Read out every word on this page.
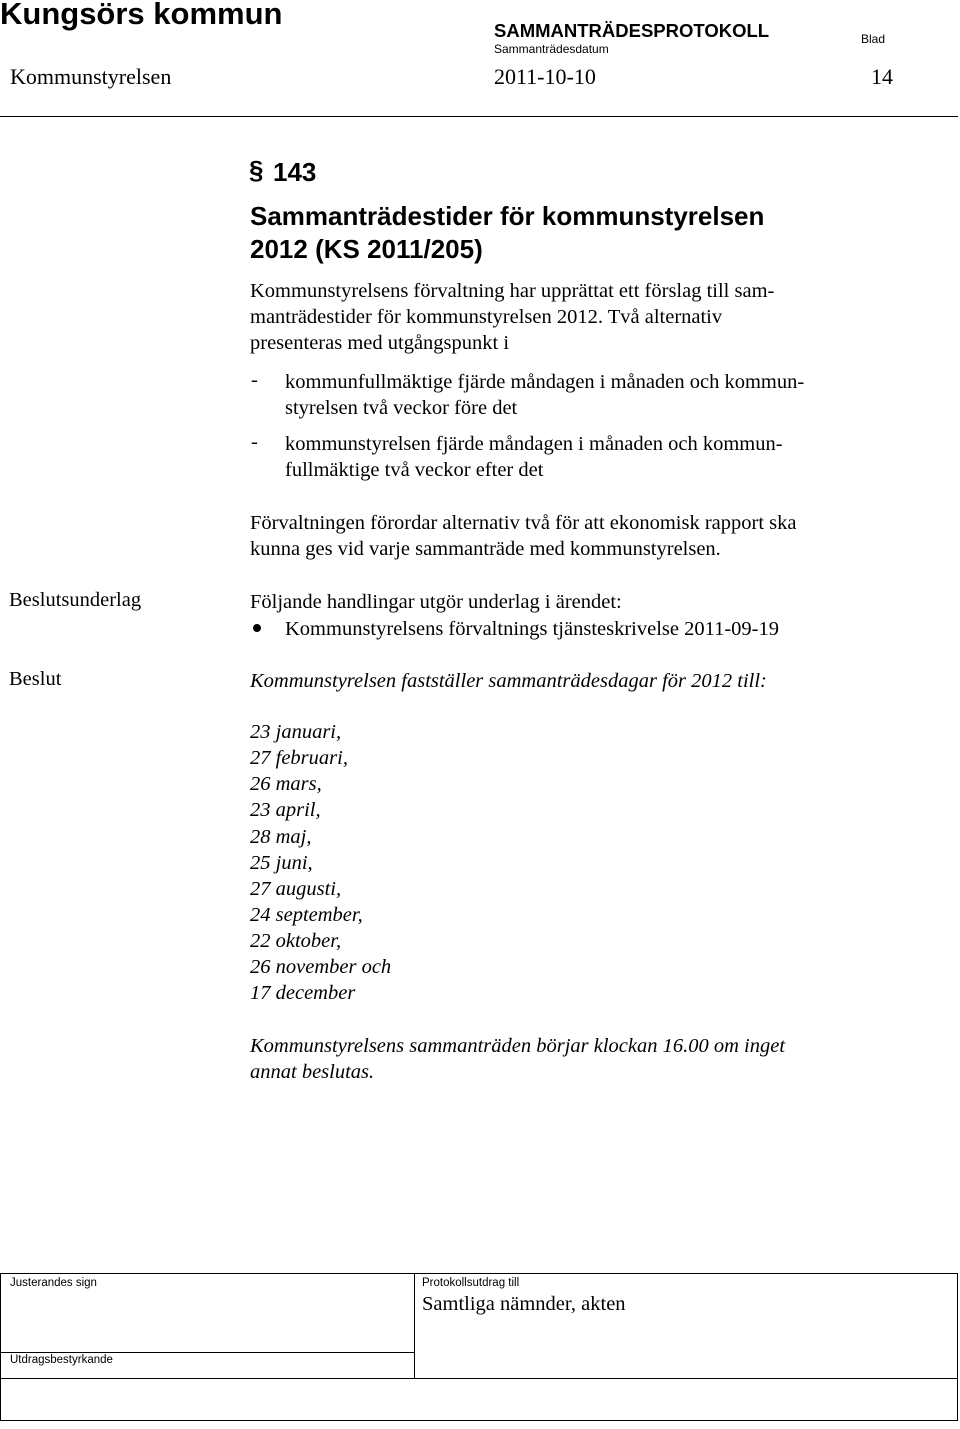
Kungsörs kommun	SAMMANTRÄDESPROTOKOLL
Sammanträdesdatum
Blad
Kommunstyrelsen	2011-10-10	14
§ 143
Sammanträdestider för kommunstyrelsen
2012 (KS 2011/205)
Kommunstyrelsens förvaltning har upprättat ett förslag till sam-
manträdestider för kommunstyrelsen 2012. Två alternativ
presenteras med utgångspunkt i
- kommunfullmäktige fjärde måndagen i månaden och kommun-
styrelsen två veckor före det
- kommunstyrelsen fjärde måndagen i månaden och kommun-
fullmäktige två veckor efter det
Förvaltningen förordar alternativ två för att ekonomisk rapport ska
kunna ges vid varje sammanträde med kommunstyrelsen.
Beslutsunderlag	Följande handlingar utgör underlag i ärendet:
Kommunstyrelsens förvaltnings tjänsteskrivelse 2011-09-19
Beslut	Kommunstyrelsen fastställer sammanträdesdagar för 2012 till:
23 januari,
27 februari,
26 mars,
23 april,
28 maj,
25 juni,
27 augusti,
24 september,
22 oktober,
26 november och
17 december
Kommunstyrelsens sammanträden börjar klockan 16.00 om inget
annat beslutas.
Justerandes sign	Protokollsutdrag till
Samtliga nämnder, akten
Utdragsbestyrkande
